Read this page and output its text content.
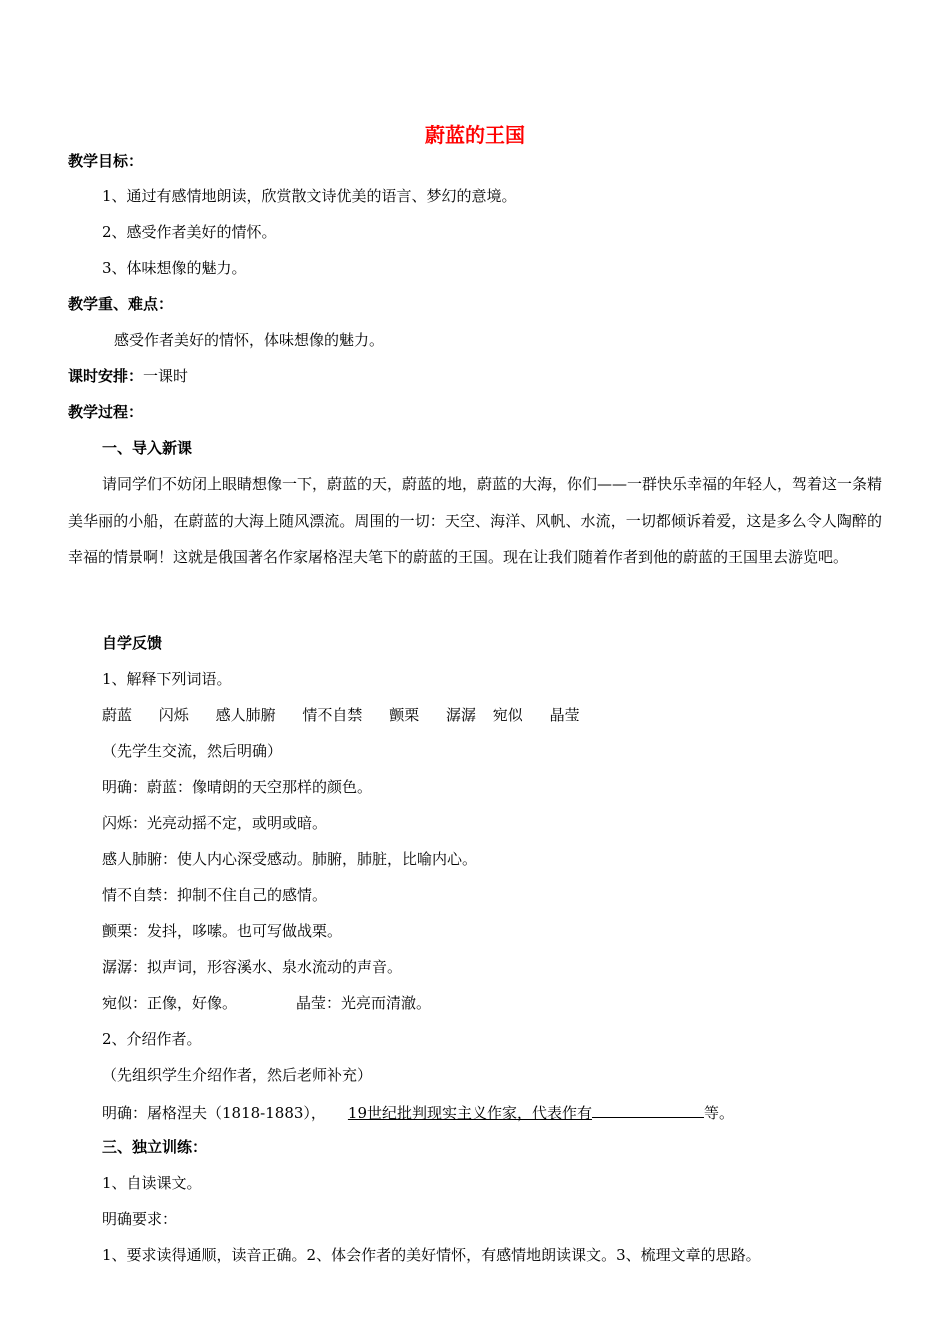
蔚蓝的王国
教学目标：
1、通过有感情地朗读，欣赏散文诗优美的语言、梦幻的意境。
2、感受作者美好的情怀。
3、体味想像的魅力。
教学重、难点：
感受作者美好的情怀，体味想像的魅力。
课时安排：一课时
教学过程：
一、导入新课
请同学们不妨闭上眼睛想像一下，蔚蓝的天，蔚蓝的地，蔚蓝的大海，你们——一群快乐幸福的年轻人，驾着这一条精美华丽的小船，在蔚蓝的大海上随风漂流。周围的一切：天空、海洋、风帆、水流，一切都倾诉着爱，这是多么令人陶醉的幸福的情景啊！这就是俄国著名作家屠格涅夫笔下的蔚蓝的王国。现在让我们随着作者到他的蔚蓝的王国里去游览吧。
自学反馈
1、解释下列词语。
蔚蓝 闪烁 感人肺腑 情不自禁 颤栗 潺潺 宛似 晶莹
（先学生交流，然后明确）
明确：蔚蓝：像晴朗的天空那样的颜色。
闪烁：光亮动摇不定，或明或暗。
感人肺腑：使人内心深受感动。肺腑，肺脏，比喻内心。
情不自禁：抑制不住自己的感情。
颤栗：发抖，哆嗦。也可写做战栗。
潺潺：拟声词，形容溪水、泉水流动的声音。
宛似：正像，好像。	晶莹：光亮而清澈。
2、介绍作者。
（先组织学生介绍作者，然后老师补充）
明确：屠格涅夫（1818-1883）， 19世纪批判现实主义作家，代表作有	等。
三、独立训练：
1、自读课文。
明确要求：
1、要求读得通顺，读音正确。2、体会作者的美好情怀，有感情地朗读课文。3、梳理文章的思路。
